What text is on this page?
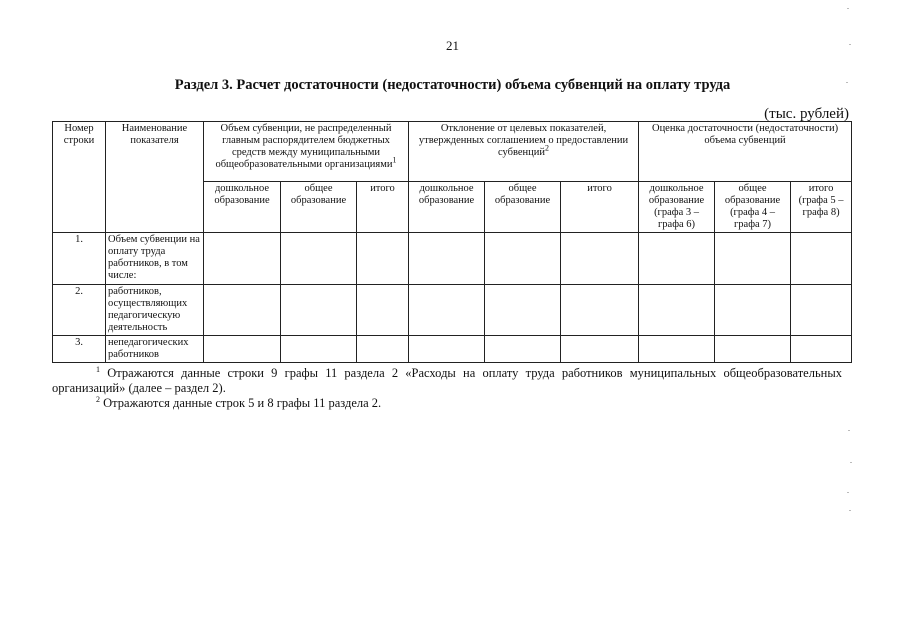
21
Раздел 3. Расчет достаточности (недостаточности) объема субвенций на оплату труда
(тыс. рублей)
Номер строки	Наименование показателя	Объем субвенции, не распределенный главным распорядителем бюджетных средств между муниципальными общеобразовательными организациями$^1$			Отклонение от целевых показателей, утвержденных соглашением о предоставлении субвенций$^2$			Оценка достаточности (недостаточности) объема субвенций		
		дошкольное образование	общее образование	итого	дошкольное образование	общее образование	итого	дошкольное образование (графа 3 – графа 6)	общее образование (графа 4 – графа 7)	итого (графа 5 – графа 8)
1.	Объем субвенции на оплату труда работников, в том числе:									
2.	работников, осуществляющих педагогическую деятельность									
3.	непедагогических работников									
$^1$ Отражаются данные строки 9 графы 11 раздела 2 «Расходы на оплату труда работников муниципальных общеобразовательных организаций» (далее – раздел 2).
$^2$ Отражаются данные строк 5 и 8 графы 11 раздела 2.
